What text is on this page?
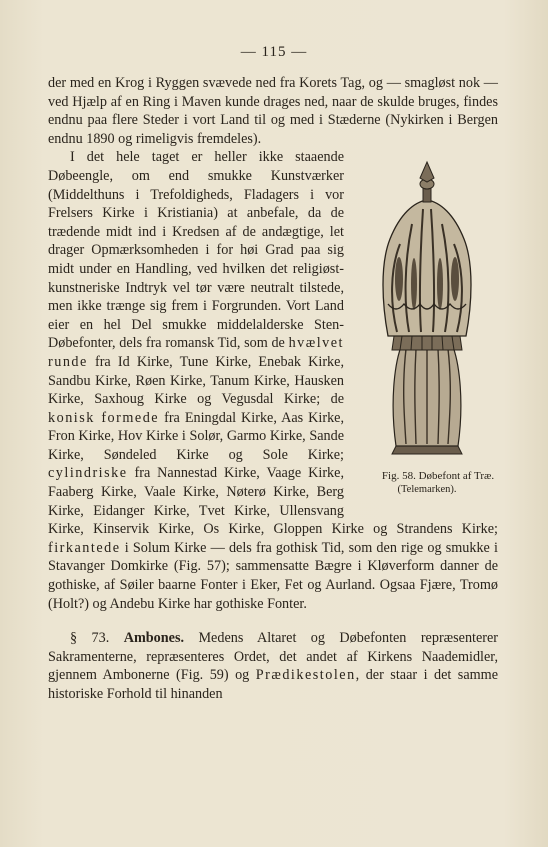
— 115 —

der med en Krog i Ryggen svævede ned fra Korets Tag, og — smagløst nok — ved Hjælp af en Ring i Maven kunde drages ned, naar de skulde bruges, findes endnu paa flere Steder i vort Land til og med i Stæderne (Nykirken i Bergen endnu 1890 og rimeligvis fremdeles).

Fig. 58. Døbefont af Træ.
(Telemarken).
I det hele taget er heller ikke staaende Døbeengle, om end smukke Kunstværker (Middelthuns i Trefoldigheds, Fladagers i vor Frelsers Kirke i Kristiania) at anbefale, da de trædende midt ind i Kredsen af de andægtige, let drager Opmærksomheden i for høi Grad paa sig midt under en Handling, ved hvilken det religiøst-kunstneriske Indtryk vel tør være neutralt tilstede, men ikke trænge sig frem i Forgrunden. Vort Land eier en hel Del smukke middelalderske Sten-Døbefonter, dels fra romansk Tid, som de hvælvet runde fra Id Kirke, Tune Kirke, Enebak Kirke, Sandbu Kirke, Røen Kirke, Tanum Kirke, Hausken Kirke, Saxhoug Kirke og Vegusdal Kirke; de konisk formede fra Eningdal Kirke, Aas Kirke, Fron Kirke, Hov Kirke i Solør, Garmo Kirke, Sande Kirke, Søndeled Kirke og Sole Kirke; cylindriske fra Nannestad Kirke, Vaage Kirke, Faaberg Kirke, Vaale Kirke, Nøterø Kirke, Berg Kirke, Eidanger Kirke, Tvet Kirke, Ullensvang Kirke, Kinservik Kirke, Os Kirke, Gloppen Kirke og Strandens Kirke; firkantede i Solum Kirke — dels fra gothisk Tid, som den rige og smukke i Stavanger Domkirke (Fig. 57); sammensatte Bægre i Kløverform danner de gothiske, af Søiler baarne Fonter i Eker, Fet og Aurland. Ogsaa Fjære, Tromø (Holt?) og Andebu Kirke har gothiske Fonter.

§ 73. Ambones. Medens Altaret og Døbefonten repræsenterer Sakramenterne, repræsenteres Ordet, det andet af Kirkens Naademidler, gjennem Ambonerne (Fig. 59) og Prædikestolen, der staar i det samme historiske Forhold til hinanden
